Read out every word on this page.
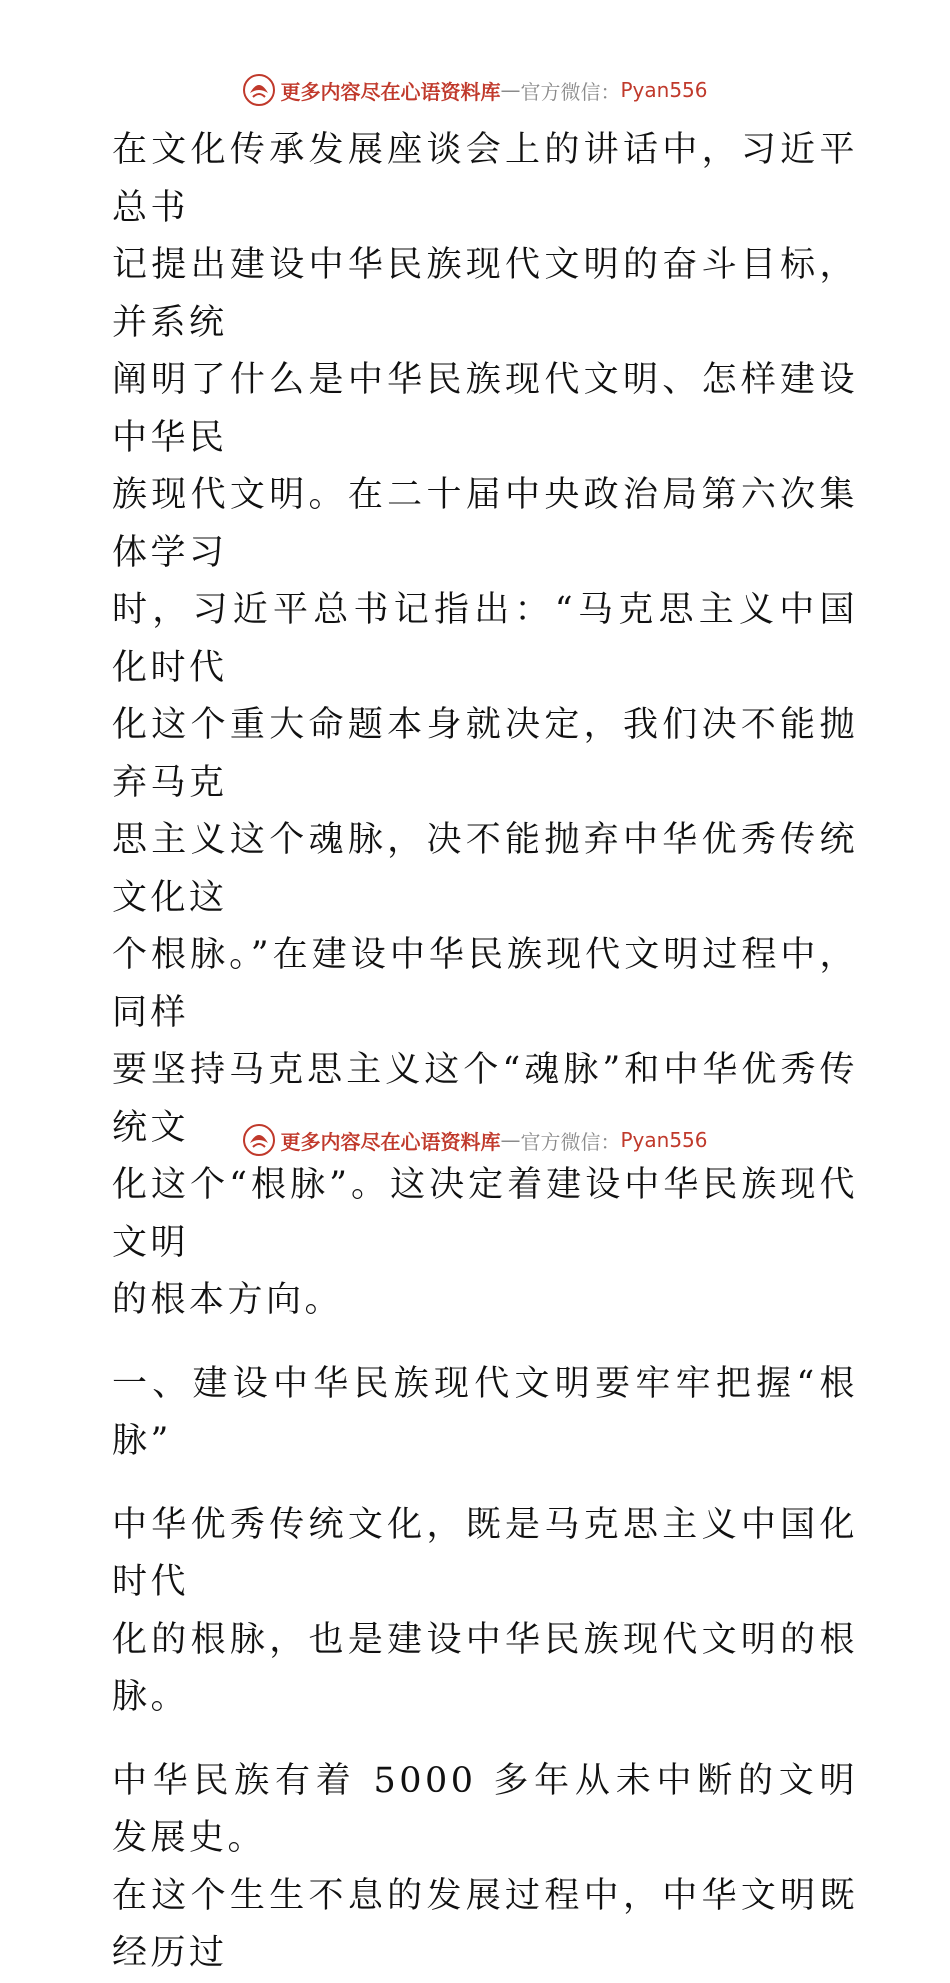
更多内容尽在心语资料库 — 官方微信： Pyan556
在文化传承发展座谈会上的讲话中，习近平总书
记提出建设中华民族现代文明的奋斗目标，并系统
阐明了什么是中华民族现代文明、怎样建设中华民
族现代文明。在二十届中央政治局第六次集体学习
时，习近平总书记指出：“马克思主义中国化时代
化这个重大命题本身就决定，我们决不能抛弃马克
思主义这个魂脉，决不能抛弃中华优秀传统文化这
个根脉。”在建设中华民族现代文明过程中，同样
要坚持马克思主义这个“魂脉”和中华优秀传统文
化这个“根脉”。这决定着建设中华民族现代文明
的根本方向。
一、建设中华民族现代文明要牢牢把握“根脉”
中华优秀传统文化，既是马克思主义中国化时代
化的根脉，也是建设中华民族现代文明的根脉。
中华民族有着 5000 多年从未中断的文明发展史。
在这个生生不息的发展过程中，中华文明既经历过
更多内容尽在心语资料库 — 官方微信： Pyan556
